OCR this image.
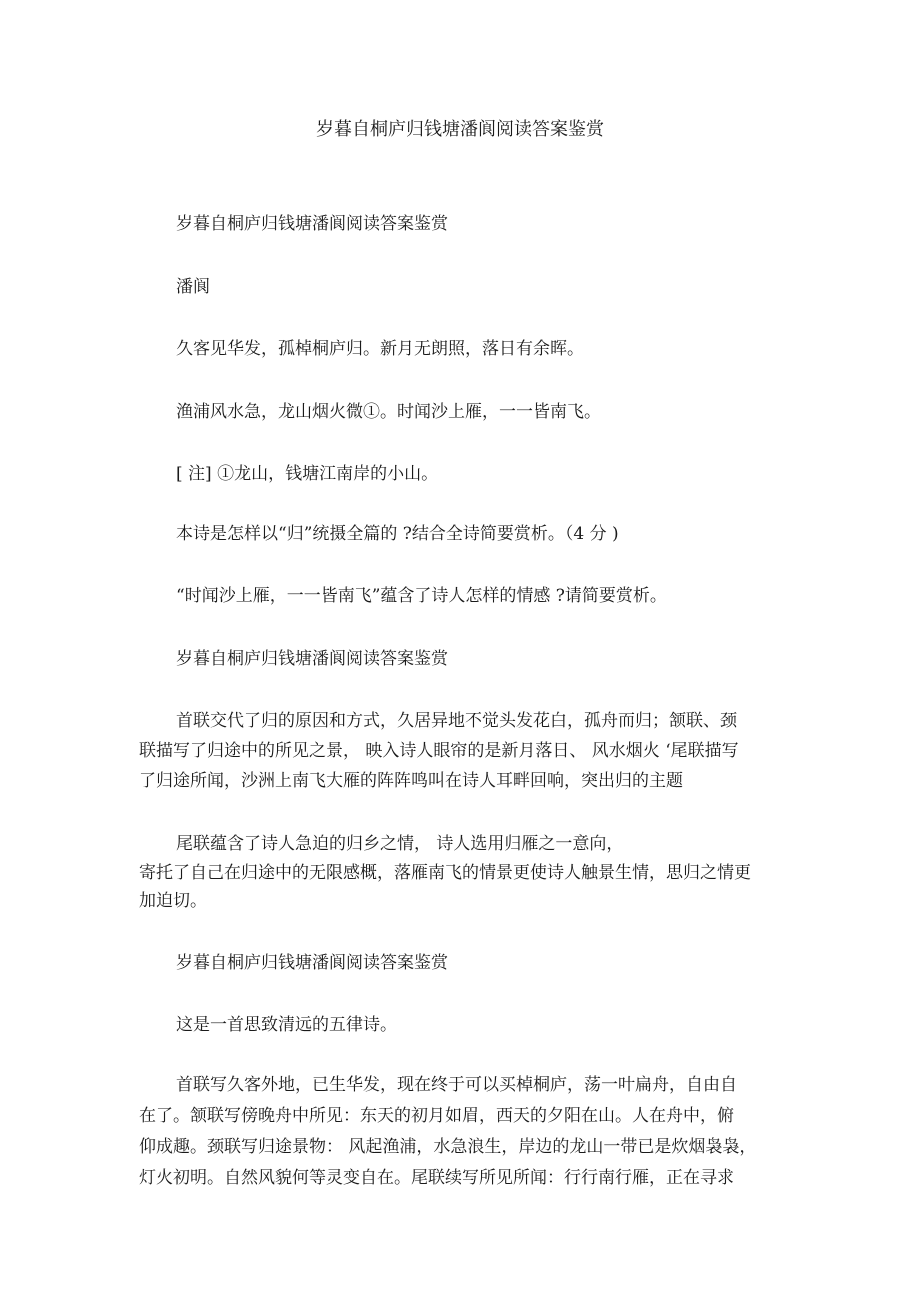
岁暮自桐庐归钱塘潘阆阅读答案鉴赏
岁暮自桐庐归钱塘潘阆阅读答案鉴赏
潘阆
久客见华发，孤棹桐庐归。新月无朗照，落日有余晖。
渔浦风水急，龙山烟火微①。时闻沙上雁，一一皆南飞。
[ 注] ①龙山，钱塘江南岸的小山。
本诗是怎样以“归”统摄全篇的 ?结合全诗简要赏析。（4 分 )
“时闻沙上雁，一一皆南飞”蕴含了诗人怎样的情感 ?请简要赏析。
岁暮自桐庐归钱塘潘阆阅读答案鉴赏
首联交代了归的原因和方式，久居异地不觉头发花白，孤舟而归；颔联、颈
联描写了归途中的所见之景， 映入诗人眼帘的是新月落日、 风水烟火 ‘尾联描写
了归途所闻，沙洲上南飞大雁的阵阵鸣叫在诗人耳畔回响，突出归的主题
尾联蕴含了诗人急迫的归乡之情， 诗人选用归雁之一意向，
寄托了自己在归途中的无限感概，落雁南飞的情景更使诗人触景生情，思归之情更
加迫切。
岁暮自桐庐归钱塘潘阆阅读答案鉴赏
这是一首思致清远的五律诗。
首联写久客外地，已生华发，现在终于可以买棹桐庐，荡一叶扁舟，自由自
在了。颔联写傍晚舟中所见：东天的初月如眉，西天的夕阳在山。人在舟中，俯
仰成趣。颈联写归途景物： 风起渔浦，水急浪生，岸边的龙山一带已是炊烟袅袅，
灯火初明。自然风貌何等灵变自在。尾联续写所见所闻：行行南行雁，正在寻求
